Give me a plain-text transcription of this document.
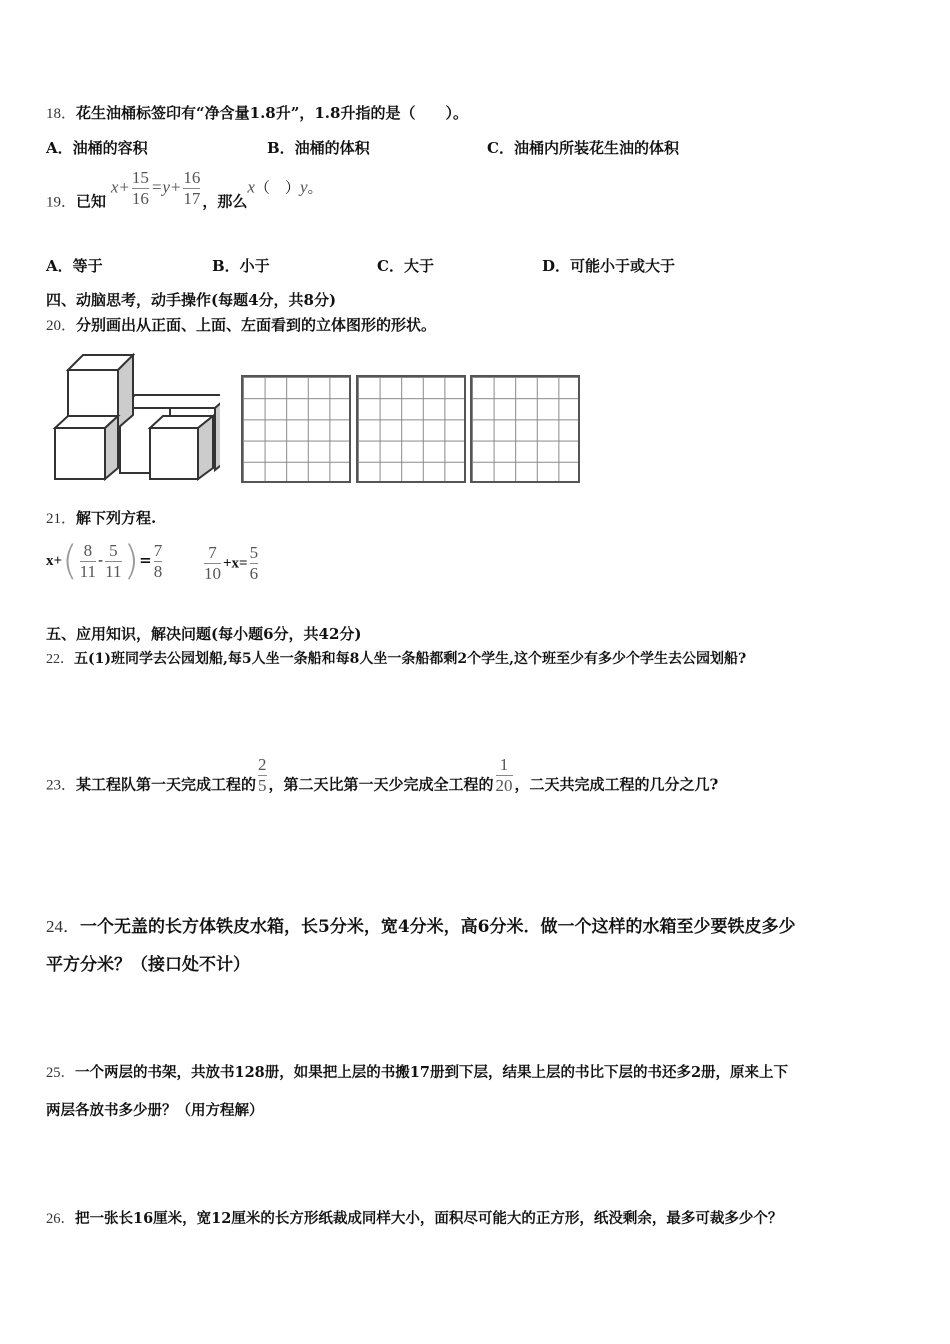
18．花生油桶标签印有“净含量1.8升”，1.8升指的是（　　）。
A．油桶的容积	B．油桶的体积	C．油桶内所装花生油的体积
19．已知 $x+ \frac{15}{16} =y+ \frac{16}{17}$ ，那么x（　）y。
A．等于	B．小于	C．大于	D．可能小于或大于
四、动脑思考，动手操作(每题4分，共8分)
20．分别画出从正面、上面、左面看到的立体图形的形状。
21．解下列方程.
$x+( \frac{8}{11} - \frac{5}{11}$ )= $\frac{7}{8} \frac{7}{10} +x= \frac{5}{6}$
五、应用知识，解决问题(每小题6分，共42分)
22．五(1)班同学去公园划船,每5人坐一条船和每8人坐一条船都剩2个学生,这个班至少有多少个学生去公园划船?
23．某工程队第一天完成工程的 $\frac{2}{5}$ ，第二天比第一天少完成全工程的 $\frac{1}{20}$ ，二天共完成工程的几分之几?
24．一个无盖的长方体铁皮水箱，长5分米，宽4分米，高6分米．做一个这样的水箱至少要铁皮多少
平方分米？（接口处不计）
25．一个两层的书架，共放书128册，如果把上层的书搬17册到下层，结果上层的书比下层的书还多2册，原来上下
两层各放书多少册？（用方程解）
26．把一张长16厘米，宽12厘米的长方形纸裁成同样大小，面积尽可能大的正方形，纸没剩余，最多可裁多少个？
